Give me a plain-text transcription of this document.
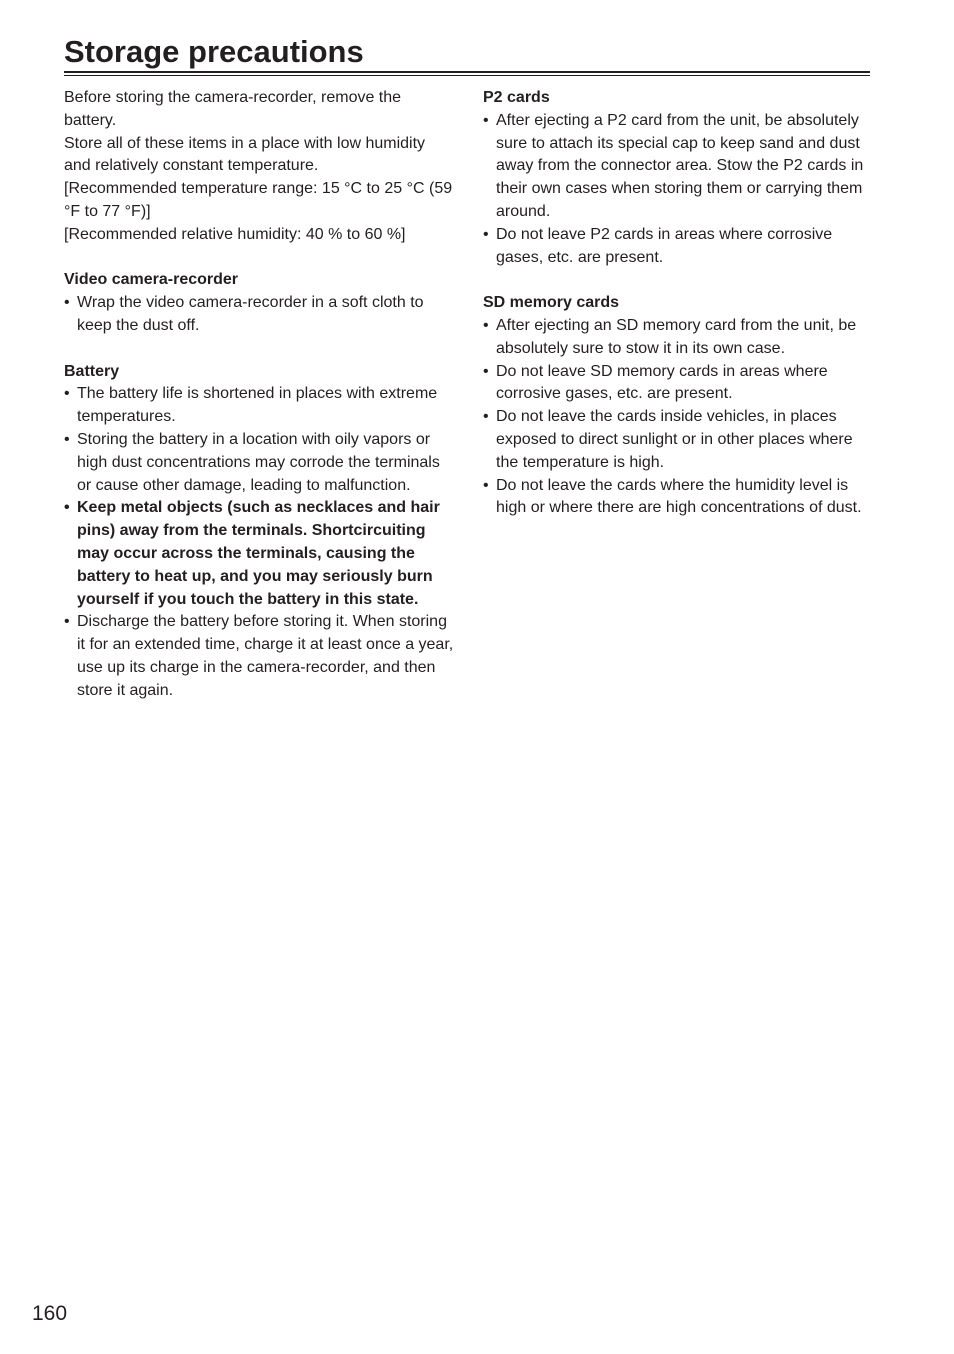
Storage precautions

Before storing the camera-recorder, remove the battery.

Store all of these items in a place with low humidity and relatively constant temperature.

[Recommended temperature range: 15 °C to 25 °C (59 °F to 77 °F)]

[Recommended relative humidity: 40 % to 60 %]

Video camera-recorder

• Wrap the video camera-recorder in a soft cloth to keep the dust off.

Battery

• The battery life is shortened in places with extreme temperatures.
• Storing the battery in a location with oily vapors or high dust concentrations may corrode the terminals or cause other damage, leading to malfunction.
• Keep metal objects (such as necklaces and hair pins) away from the terminals. Shortcircuiting may occur across the terminals, causing the battery to heat up, and you may seriously burn yourself if you touch the battery in this state.
• Discharge the battery before storing it. When storing it for an extended time, charge it at least once a year, use up its charge in the camera-recorder, and then store it again.

P2 cards

• After ejecting a P2 card from the unit, be absolutely sure to attach its special cap to keep sand and dust away from the connector area. Stow the P2 cards in their own cases when storing them or carrying them around.
• Do not leave P2 cards in areas where corrosive gases, etc. are present.

SD memory cards

• After ejecting an SD memory card from the unit, be absolutely sure to stow it in its own case.
• Do not leave SD memory cards in areas where corrosive gases, etc. are present.
• Do not leave the cards inside vehicles, in places exposed to direct sunlight or in other places where the temperature is high.
• Do not leave the cards where the humidity level is high or where there are high concentrations of dust.
160
